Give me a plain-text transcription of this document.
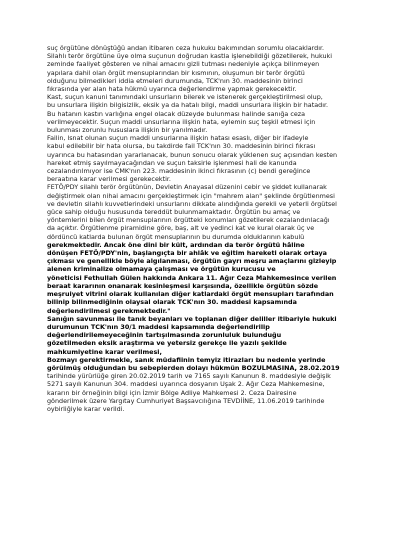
suç örgütüne dönüştüğü andan itibaren ceza hukuku bakımından sorumlu olacaklardır.
Silahlı terör örgütüne üye olma suçunun doğrudan kastla işlenebildiği gözetilerek, hukuki
zeminde faaliyet gösteren ve nihai amacını gizli tutması nedeniyle açıkça bilinmeyen
yapılara dahil olan örgüt mensuplarından bir kısmının, oluşumun bir terör örgütü
olduğunu bilmedikleri iddia etmeleri durumunda, TCK'nın 30. maddesinin birinci
fıkrasında yer alan hata hükmü uyarınca değerlendirme yapmak gerekecektir.
Kast, suçun kanuni tanımındaki unsurların bilerek ve istenerek gerçekleştirilmesi olup,
bu unsurlara ilişkin bilgisizlik, eksik ya da hatalı bilgi, maddi unsurlara ilişkin bir hatadır.
Bu hatanın kastın varlığına engel olacak düzeyde bulunması halinde sanığa ceza
verilmeyecektir. Suçun maddi unsurlarına ilişkin hata, eylemin suç teşkil etmesi için
bulunması zorunlu hususlara ilişkin bir yanılmadır.
Failin, lsnat olunan suçun maddi unsurlarına ilişkin hatası esaslı, diğer bir ifadeyle
kabul edilebilir bir hata olursa, bu takdirde fail TCK'nın 30. maddesinin birinci fıkrası
uyarınca bu hatasından yararlanacak, bunun sonucu olarak yüklenen suç açısından kesten
hareket etmiş sayılmayacağından ve suçun taksirle işlenmesi hali de kanunda
cezalandırılmıyor ise CMK'nın 223. maddesinin ikinci fıkrasının (c) bendi gereğince
beraatına karar verilmesi gerekecektir.
FETÖ/PDY silahlı terör örgütünün, Devletin Anayasal düzenini cebir ve şiddet kullanarak
değiştirmek olan nihai amacını gerçekleştirmek için "mahrem alan" şeklinde örgütlenmesi
ve devletin silahlı kuvvetlerindeki unsurlarını dikkate alındığında gerekli ve yeterli örgütsel
güce sahip olduğu hususunda tereddüt bulunmamaktadır. Örgütün bu amaç ve
yöntemlerini bilen örgüt mensuplarının örgütteki konumları gözetilerek cezalandırılacağı
da açıktır. Örgütlenme piramidine göre, baş, alt ve yedinci kat ve kural olarak üç ve
dördüncü katlarda bulunan örgüt mensuplarının bu durumda olduklarının kabulü
gerekmektedir. Ancak öne dini bir kült, ardından da terör örgütü hâline
dönüşen FETÖ/PDY'nin, başlangıçta bir ahlâk ve eğitim hareketi olarak ortaya
çıkması ve genellikle böyle algılanması, örgütün gayrı meşru amaçlarını gizleyip
alenen kriminalize olmamaya çalışması ve örgütün kurucusu ve
yöneticisi Fethullah Gülen hakkında Ankara 11. Ağır Ceza Mahkemesince verilen
beraat kararının onanarak kesinleşmesi karşısında, özellikle örgütün sözde
meşruiyet vitrini olarak kullanılan diğer katlardaki örgüt mensupları tarafından
bilinip bilinmediğinin olaysal olarak TCK'nın 30. maddesi kapsamında
değerlendirilmesi gerekmektedir."
Sanığın savunması ile tanık beyanları ve toplanan diğer deliller itibariyle hukuki
durumunun TCK'nın 30/1 maddesi kapsamında değerlendirilip
değerlendirilemeyeceğinin tartışılmasında zorunluluk bulunduğu
gözetilmeden eksik araştırma ve yetersiz gerekçe ile yazılı şekilde
mahkumiyetine karar verilmesi,
Bozmayı gerektirmekle, sanık müdafiinin temyiz itirazları bu nedenle yerinde
görülmüş olduğundan bu sebeplerden dolayı hükmün BOZULMASINA, 28.02.2019
tarihinde yürürlüğe giren 20.02.2019 tarih ve 7165 sayılı Kanunun 8. maddesiyle değişik
5271 sayılı Kanunun 304. maddesi uyarınca dosyanın Uşak 2. Ağır Ceza Mahkemesine,
kararın bir örneğinin bilgi için İzmir Bölge Adliye Mahkemesi 2. Ceza Dairesine
gönderilmek üzere Yargıtay Cumhuriyet Başsavcılığına TEVDİİNE, 11.06.2019 tarihinde
oybirliğiyle karar verildi.
